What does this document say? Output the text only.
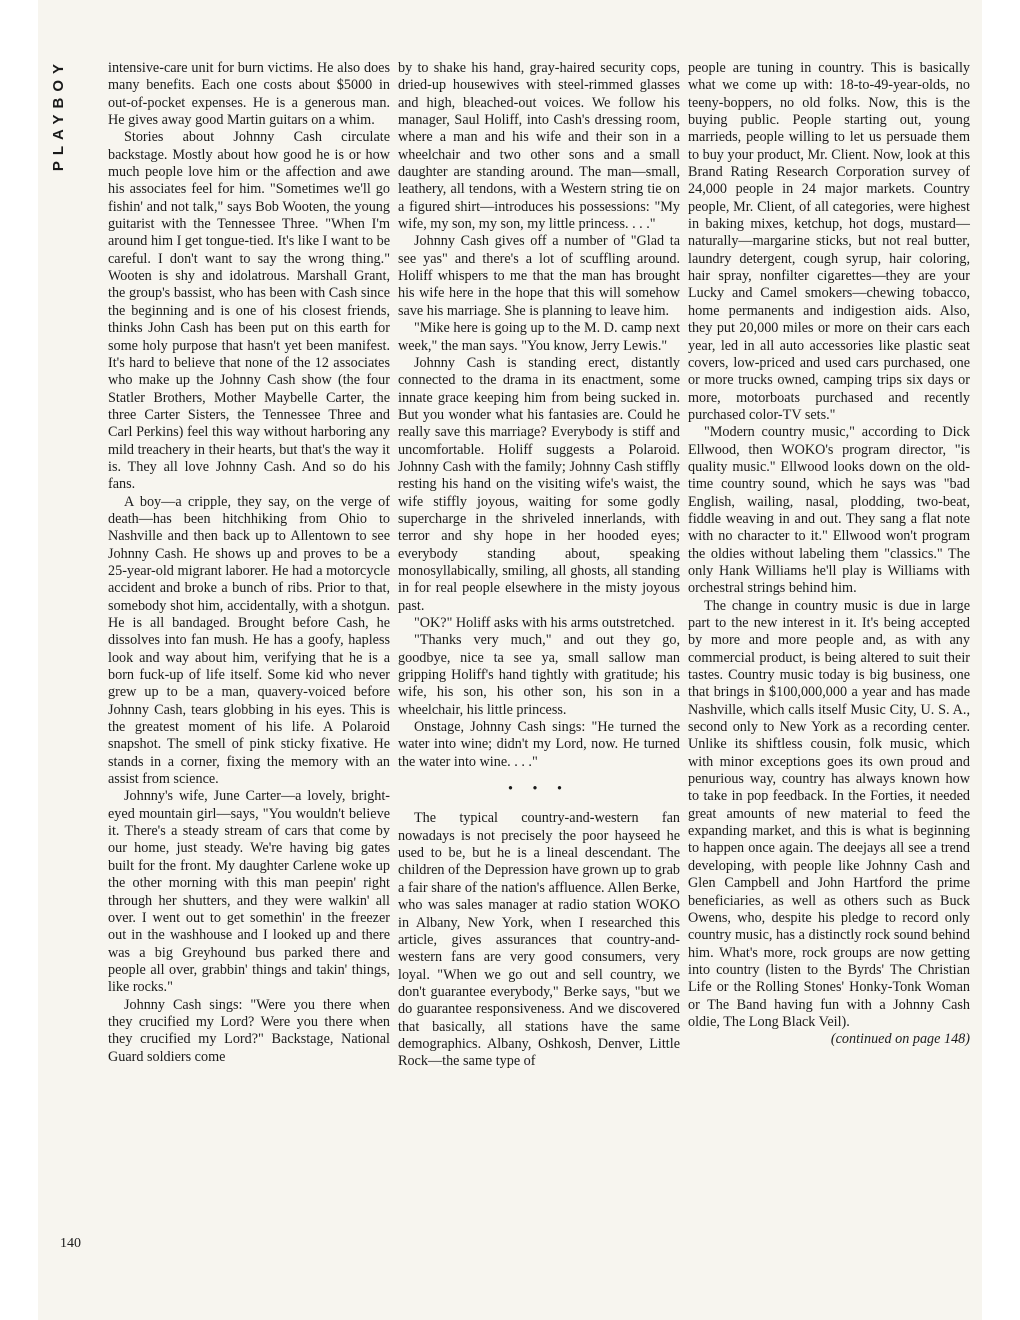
PLAYBOY	intensive-care unit for burn victims. He also does many benefits. Each one costs about $5000 in out-of-pocket expenses. He is a generous man. He gives away good Martin guitars on a whim.

Stories about Johnny Cash circulate backstage. Mostly about how good he is or how much people love him or the affection and awe his associates feel for him. "Sometimes we'll go fishin' and not talk," says Bob Wooten, the young guitarist with the Tennessee Three. "When I'm around him I get tongue-tied. It's like I want to be careful. I don't want to say the wrong thing." Wooten is shy and idolatrous. Marshall Grant, the group's bassist, who has been with Cash since the beginning and is one of his closest friends, thinks John Cash has been put on this earth for some holy purpose that hasn't yet been manifest. It's hard to believe that none of the 12 associates who make up the Johnny Cash show (the four Statler Brothers, Mother Maybelle Carter, the three Carter Sisters, the Tennessee Three and Carl Perkins) feel this way without harboring any mild treachery in their hearts, but that's the way it is. They all love Johnny Cash. And so do his fans.

A boy—a cripple, they say, on the verge of death—has been hitchhiking from Ohio to Nashville and then back up to Allentown to see Johnny Cash. He shows up and proves to be a 25-year-old migrant laborer. He had a motorcycle accident and broke a bunch of ribs. Prior to that, somebody shot him, accidentally, with a shotgun. He is all bandaged. Brought before Cash, he dissolves into fan mush. He has a goofy, hapless look and way about him, verifying that he is a born fuck-up of life itself. Some kid who never grew up to be a man, quavery-voiced before Johnny Cash, tears globbing in his eyes. This is the greatest moment of his life. A Polaroid snapshot. The smell of pink sticky fixative. He stands in a corner, fixing the memory with an assist from science.

Johnny's wife, June Carter—a lovely, bright-eyed mountain girl—says, "You wouldn't believe it. There's a steady stream of cars that come by our home, just steady. We're having big gates built for the front. My daughter Carlene woke up the other morning with this man peepin' right through her shutters, and they were walkin' all over. I went out to get somethin' in the freezer out in the washhouse and I looked up and there was a big Greyhound bus parked there and people all over, grabbin' things and takin' things, like rocks."

Johnny Cash sings: "Were you there when they crucified my Lord? Were you there when they crucified my Lord?" Backstage, National Guard soldiers come

by to shake his hand, gray-haired security cops, dried-up housewives with steel-rimmed glasses and high, bleached-out voices. We follow his manager, Saul Holiff, into Cash's dressing room, where a man and his wife and their son in a wheelchair and two other sons and a small daughter are standing around. The man—small, leathery, all tendons, with a Western string tie on a figured shirt—introduces his possessions: "My wife, my son, my son, my little princess. . . ."

Johnny Cash gives off a number of "Glad ta see yas" and there's a lot of scuffling around. Holiff whispers to me that the man has brought his wife here in the hope that this will somehow save his marriage. She is planning to leave him.

"Mike here is going up to the M. D. camp next week," the man says. "You know, Jerry Lewis."

Johnny Cash is standing erect, distantly connected to the drama in its enactment, some innate grace keeping him from being sucked in. But you wonder what his fantasies are. Could he really save this marriage? Everybody is stiff and uncomfortable. Holiff suggests a Polaroid. Johnny Cash with the family; Johnny Cash stiffly resting his hand on the visiting wife's waist, the wife stiffly joyous, waiting for some godly supercharge in the shriveled innerlands, with terror and shy hope in her hooded eyes; everybody standing about, speaking monosyllabically, smiling, all ghosts, all standing in for real people elsewhere in the misty joyous past.

"OK?" Holiff asks with his arms outstretched.

"Thanks very much," and out they go, goodbye, nice ta see ya, small sallow man gripping Holiff's hand tightly with gratitude; his wife, his son, his other son, his son in a wheelchair, his little princess.

Onstage, Johnny Cash sings: "He turned the water into wine; didn't my Lord, now. He turned the water into wine. . . ."

• • •

The typical country-and-western fan nowadays is not precisely the poor hayseed he used to be, but he is a lineal descendant. The children of the Depression have grown up to grab a fair share of the nation's affluence. Allen Berke, who was sales manager at radio station WOKO in Albany, New York, when I researched this article, gives assurances that country-and-western fans are very good consumers, very loyal. "When we go out and sell country, we don't guarantee everybody," Berke says, "but we do guarantee responsiveness. And we discovered that basically, all stations have the same demographics. Albany, Oshkosh, Denver, Little Rock—the same type of

people are tuning in country. This is basically what we come up with: 18-to-49-year-olds, no teeny-boppers, no old folks. Now, this is the buying public. People starting out, young marrieds, people willing to let us persuade them to buy your product, Mr. Client. Now, look at this Brand Rating Research Corporation survey of 24,000 people in 24 major markets. Country people, Mr. Client, of all categories, were highest in baking mixes, ketchup, hot dogs, mustard—naturally—margarine sticks, but not real butter, laundry detergent, cough syrup, hair coloring, hair spray, nonfilter cigarettes—they are your Lucky and Camel smokers—chewing tobacco, home permanents and indigestion aids. Also, they put 20,000 miles or more on their cars each year, led in all auto accessories like plastic seat covers, low-priced and used cars purchased, one or more trucks owned, camping trips six days or more, motorboats purchased and recently purchased color-TV sets."

"Modern country music," according to Dick Ellwood, then WOKO's program director, "is quality music." Ellwood looks down on the old-time country sound, which he says was "bad English, wailing, nasal, plodding, two-beat, fiddle weaving in and out. They sang a flat note with no character to it." Ellwood won't program the oldies without labeling them "classics." The only Hank Williams he'll play is Williams with orchestral strings behind him.

The change in country music is due in large part to the new interest in it. It's being accepted by more and more people and, as with any commercial product, is being altered to suit their tastes. Country music today is big business, one that brings in $100,000,000 a year and has made Nashville, which calls itself Music City, U. S. A., second only to New York as a recording center. Unlike its shiftless cousin, folk music, which with minor exceptions goes its own proud and penurious way, country has always known how to take in pop feedback. In the Forties, it needed great amounts of new material to feed the expanding market, and this is what is beginning to happen once again. The deejays all see a trend developing, with people like Johnny Cash and Glen Campbell and John Hartford the prime beneficiaries, as well as others such as Buck Owens, who, despite his pledge to record only country music, has a distinctly rock sound behind him. What's more, rock groups are now getting into country (listen to the Byrds' The Christian Life or the Rolling Stones' Honky-Tonk Woman or The Band having fun with a Johnny Cash oldie, The Long Black Veil).

(continued on page 148)

140
